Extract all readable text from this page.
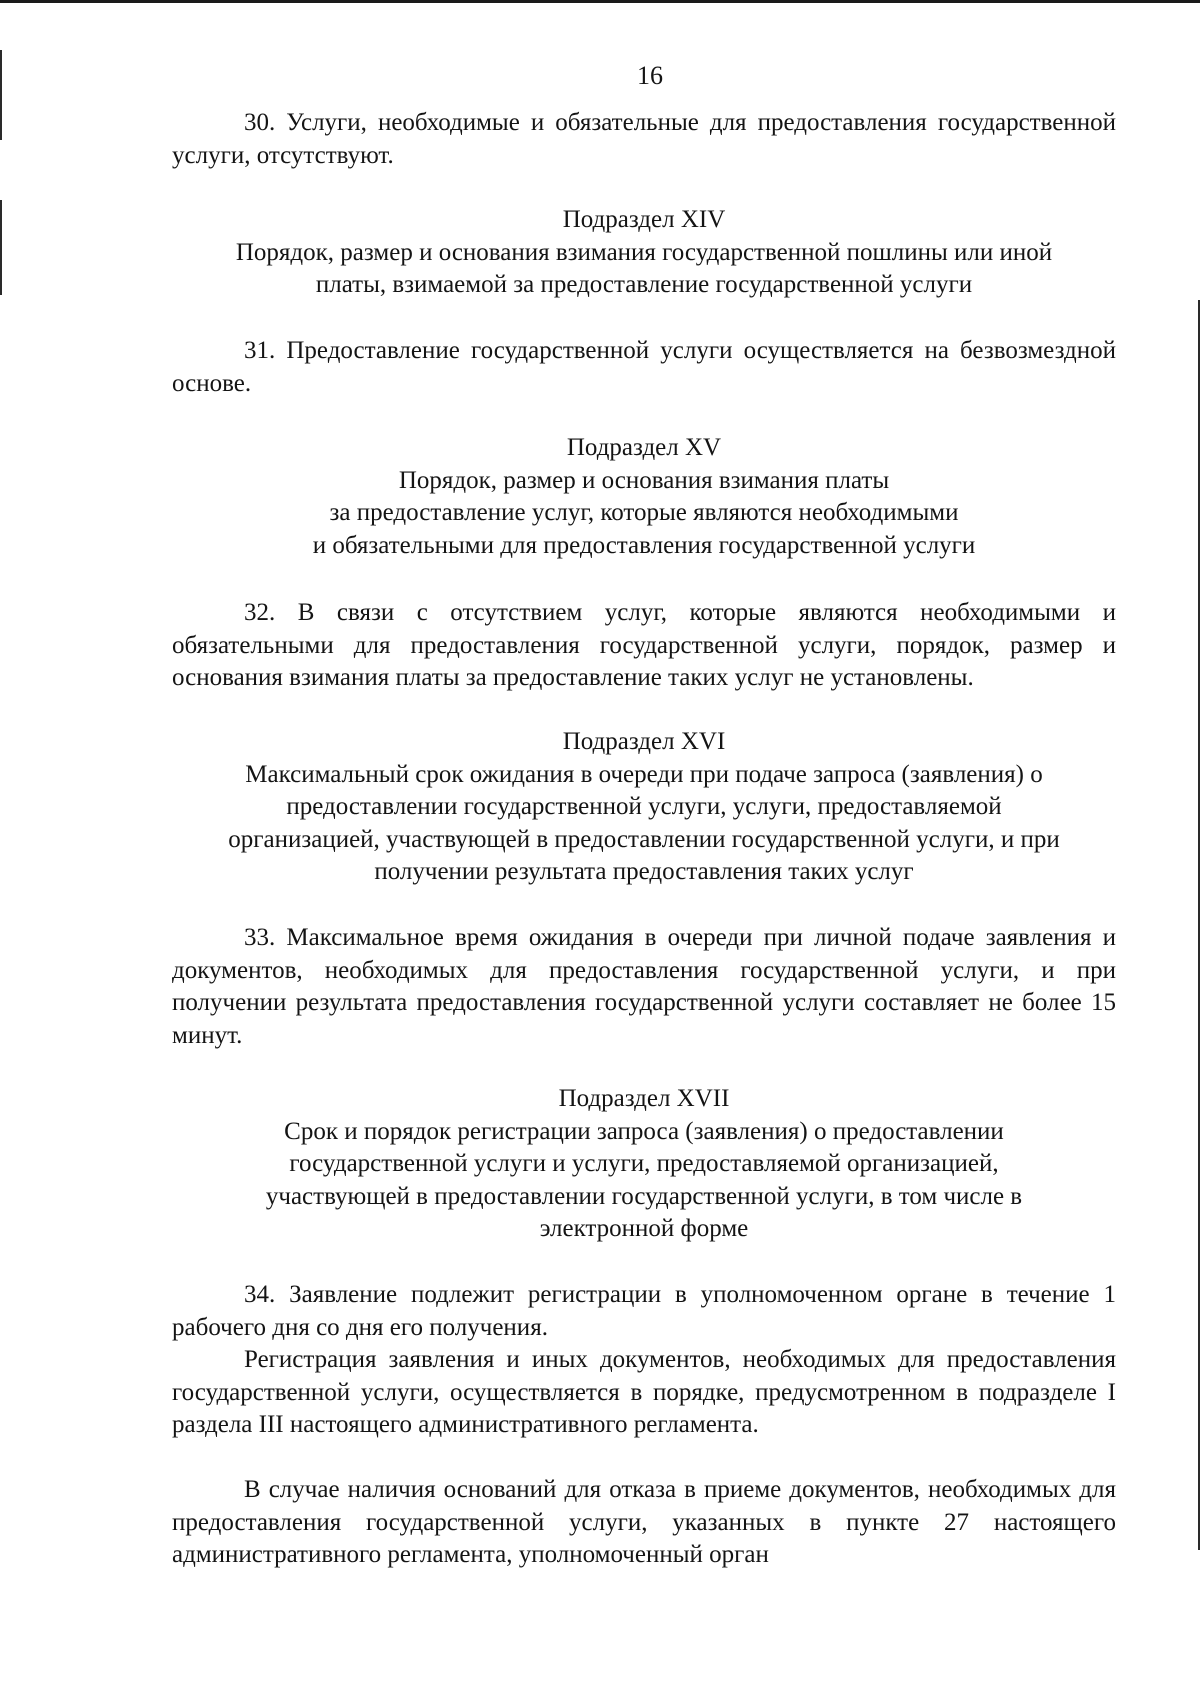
16

30. Услуги, необходимые и обязательные для предоставления государственной услуги, отсутствуют.

Подраздел XIV
Порядок, размер и основания взимания государственной пошлины или иной
платы, взимаемой за предоставление государственной услуги

31. Предоставление государственной услуги осуществляется на безвозмездной основе.

Подраздел XV
Порядок, размер и основания взимания платы
за предоставление услуг, которые являются необходимыми
и обязательными для предоставления государственной услуги

32. В связи с отсутствием услуг, которые являются необходимыми и обязательными для предоставления государственной услуги, порядок, размер и основания взимания платы за предоставление таких услуг не установлены.

Подраздел XVI
Максимальный срок ожидания в очереди при подаче запроса (заявления) о
предоставлении государственной услуги, услуги, предоставляемой
организацией, участвующей в предоставлении государственной услуги, и при
получении результата предоставления таких услуг

33. Максимальное время ожидания в очереди при личной подаче заявления и документов, необходимых для предоставления государственной услуги, и при получении результата предоставления государственной услуги составляет не более 15 минут.

Подраздел XVII
Срок и порядок регистрации запроса (заявления) о предоставлении
государственной услуги и услуги, предоставляемой организацией,
участвующей в предоставлении государственной услуги, в том числе в
электронной форме

34. Заявление подлежит регистрации в уполномоченном органе в течение 1 рабочего дня со дня его получения.

Регистрация заявления и иных документов, необходимых для предоставления государственной услуги, осуществляется в порядке, предусмотренном в подразделе I раздела III настоящего административного регламента.

В случае наличия оснований для отказа в приеме документов, необходимых для предоставления государственной услуги, указанных в пункте 27 настоящего административного регламента, уполномоченный орган
